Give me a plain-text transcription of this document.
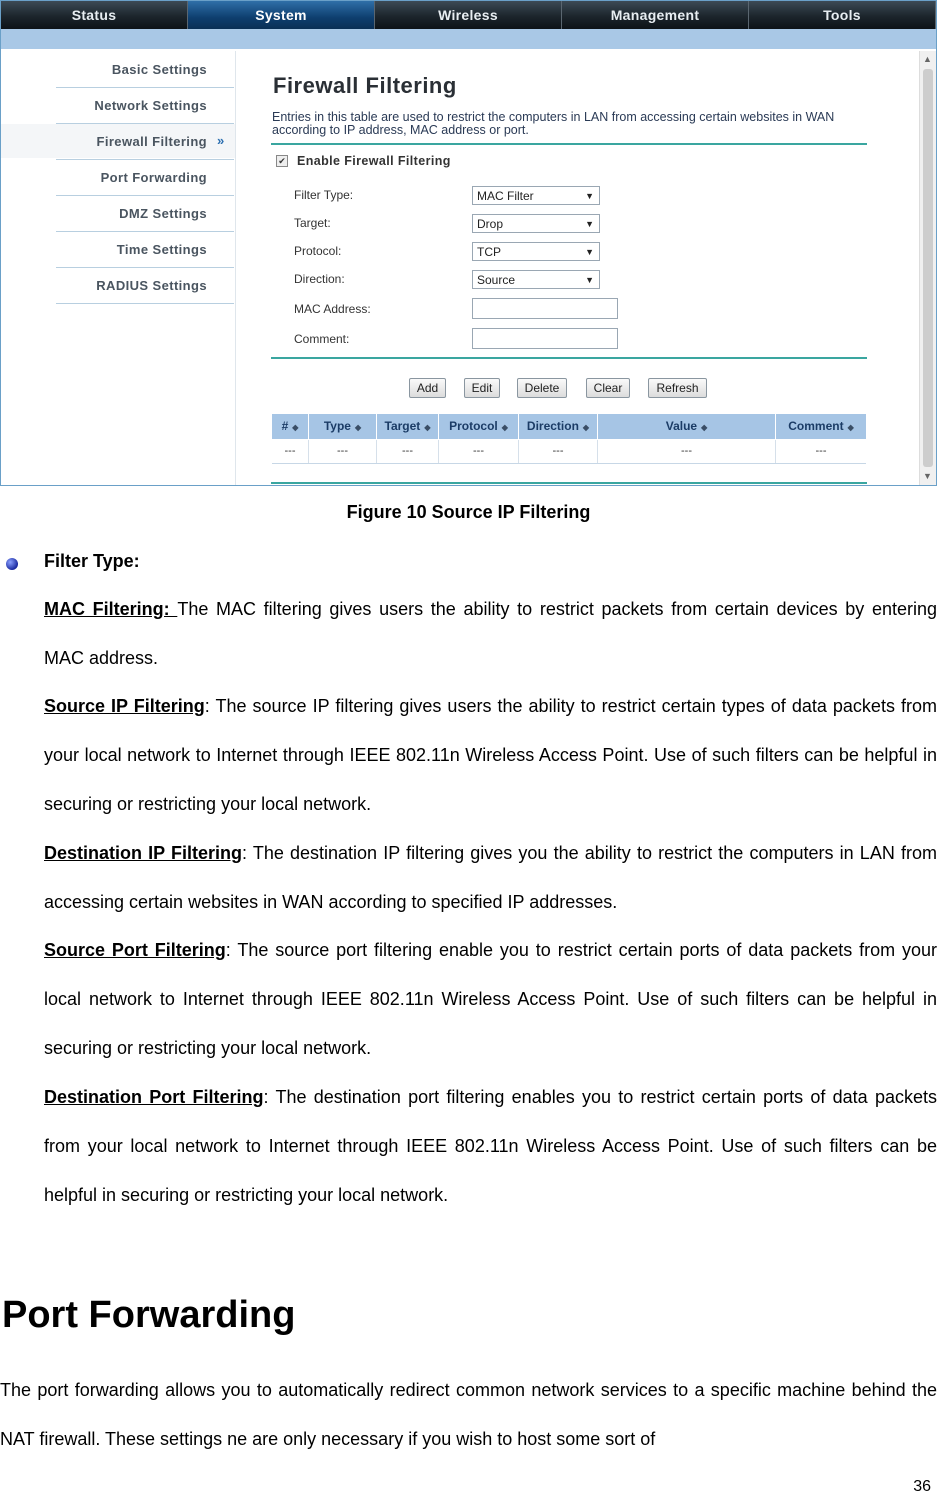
Status	System	Wireless	Management	Tools
Basic Settings
Network Settings
Firewall Filtering »
Port Forwarding
DMZ Settings
Time Settings
RADIUS Settings
▲
▼
Firewall Filtering
Entries in this table are used to restrict the computers in LAN from accessing certain websites in WAN according to IP address, MAC address or port.
✔ Enable Firewall Filtering
Filter Type:	MAC Filter	▼
Target:	Drop	▼
Protocol:	TCP	▼
Direction:	Source	▼
MAC Address:
Comment:
Add	Edit	Delete	Clear	Refresh
# ◆	Type ◆	Target ◆	Protocol ◆	Direction ◆	Value ◆	Comment ◆
---	---	---	---	---	---	---
Figure 10 Source IP Filtering
Filter Type:
MAC Filtering: The MAC filtering gives users the ability to restrict packets from certain devices by entering MAC address.
Source IP Filtering: The source IP filtering gives users the ability to restrict certain types of data packets from your local network to Internet through IEEE 802.11n Wireless Access Point. Use of such filters can be helpful in securing or restricting your local network.
Destination IP Filtering: The destination IP filtering gives you the ability to restrict the computers in LAN from accessing certain websites in WAN according to specified IP addresses.
Source Port Filtering: The source port filtering enable you to restrict certain ports of data packets from your local network to Internet through IEEE 802.11n Wireless Access Point. Use of such filters can be helpful in securing or restricting your local network.
Destination Port Filtering: The destination port filtering enables you to restrict certain ports of data packets from your local network to Internet through IEEE 802.11n Wireless Access Point. Use of such filters can be helpful in securing or restricting your local network.
Port Forwarding
The port forwarding allows you to automatically redirect common network services to a specific machine behind the NAT firewall. These settings ne are only necessary if you wish to host some sort of
36
